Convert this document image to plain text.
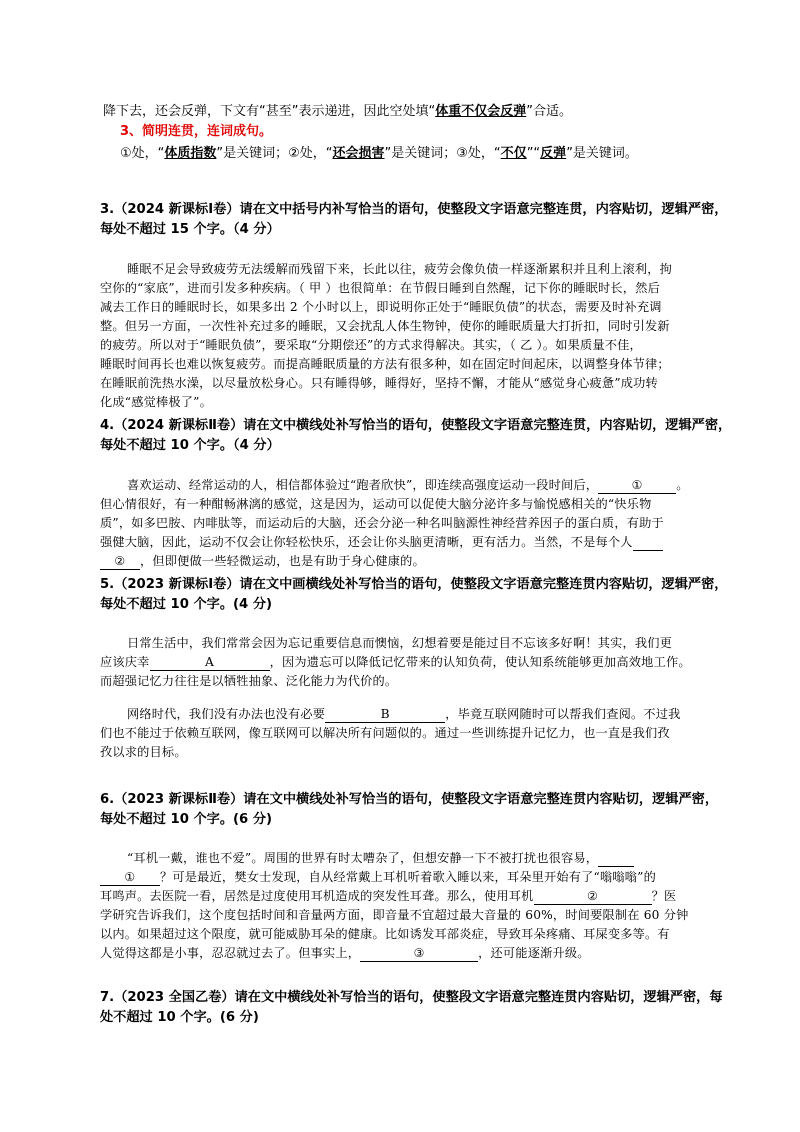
降下去，还会反弹，下文有“甚至”表示递进，因此空处填“体重不仅会反弹”合适。
3、简明连贯，连词成句。
①处，“体质指数”是关键词；②处，“还会损害”是关键词；③处，“不仅”“反弹”是关键词。
3.（2024 新课标Ⅰ卷）请在文中括号内补写恰当的语句，使整段文字语意完整连贯，内容贴切，逻辑严密，
每处不超过 15 个字。（4 分）
睡眠不足会导致疲劳无法缓解而残留下来，长此以往，疲劳会像负债一样逐渐累积并且利上滚利，拘
空你的“家底”，进而引发多种疾病。（ 甲 ）也很简单：在节假日睡到自然醒，记下你的睡眠时长，然后
减去工作日的睡眠时长，如果多出 2 个小时以上，即说明你正处于“睡眠负债”的状态，需要及时补充调
整。但另一方面，一次性补充过多的睡眠，又会扰乱人体生物钟，使你的睡眠质量大打折扣，同时引发新
的疲劳。所以对于“睡眠负债”，要采取“分期偿还”的方式求得解决。其实，（ 乙 ）。如果质量不佳，
睡眠时间再长也难以恢复疲劳。而提高睡眠质量的方法有很多种，如在固定时间起床，以调整身体节律；
在睡眠前洗热水澡，以尽量放松身心。只有睡得够，睡得好，坚持不懈，才能从“感觉身心疲惫”成功转
化成“感觉棒极了”。
4.（2024 新课标Ⅱ卷）请在文中横线处补写恰当的语句，使整段文字语意完整连贯，内容贴切，逻辑严密，
每处不超过 10 个字。（4 分）
喜欢运动、经常运动的人，相信都体验过“跑者欣快”，即连续高强度运动一段时间后，	①	。
但心情很好，有一种酣畅淋漓的感觉，这是因为，运动可以促使大脑分泌许多与愉悦感相关的“快乐物
质”，如多巴胺、内啡肽等，而运动后的大脑，还会分泌一种名叫脑源性神经营养因子的蛋白质，有助于
强健大脑，因此，运动不仅会让你轻松快乐，还会让你头脑更清晰，更有活力。当然，不是每个人
② ，但即便做一些轻微运动，也是有助于身心健康的。
5.（2023 新课标Ⅰ卷）请在文中画横线处补写恰当的语句，使整段文字语意完整连贯内容贴切，逻辑严密，
每处不超过 10 个字。(4 分)
日常生活中，我们常常会因为忘记重要信息而懊恼，幻想着要是能过目不忘该多好啊！其实，我们更
应该庆幸	A	，因为遗忘可以降低记忆带来的认知负荷，使认知系统能够更加高效地工作。
而超强记忆力往往是以牺牲抽象、泛化能力为代价的。
网络时代，我们没有办法也没有必要	B	，毕竟互联网随时可以帮我们查阅。不过我
们也不能过于依赖互联网，像互联网可以解决所有问题似的。通过一些训练提升记忆力，也一直是我们孜
孜以求的目标。
6.（2023 新课标Ⅱ卷）请在文中横线处补写恰当的语句，使整段文字语意完整连贯内容贴切，逻辑严密，
每处不超过 10 个字。(6 分)
“耳机一戴，谁也不爱”。周围的世界有时太嘈杂了，但想安静一下不被打扰也很容易，
① ？可是最近，樊女士发现，自从经常戴上耳机听着歌入睡以来，耳朵里开始有了“嗡嗡嗡”的
耳鸣声。去医院一看，居然是过度使用耳机造成的突发性耳聋。那么，使用耳机	②	？医
学研究告诉我们，这个度包括时间和音量两方面，即音量不宜超过最大音量的 60%，时间要限制在 60 分钟
以内。如果超过这个限度，就可能威胁耳朵的健康。比如诱发耳部炎症，导致耳朵疼痛、耳屎变多等。有
人觉得这都是小事，忍忍就过去了。但事实上，	③	，还可能逐渐升级。
7.（2023 全国乙卷）请在文中横线处补写恰当的语句，使整段文字语意完整连贯内容贴切，逻辑严密，每
处不超过 10 个字。(6 分)
